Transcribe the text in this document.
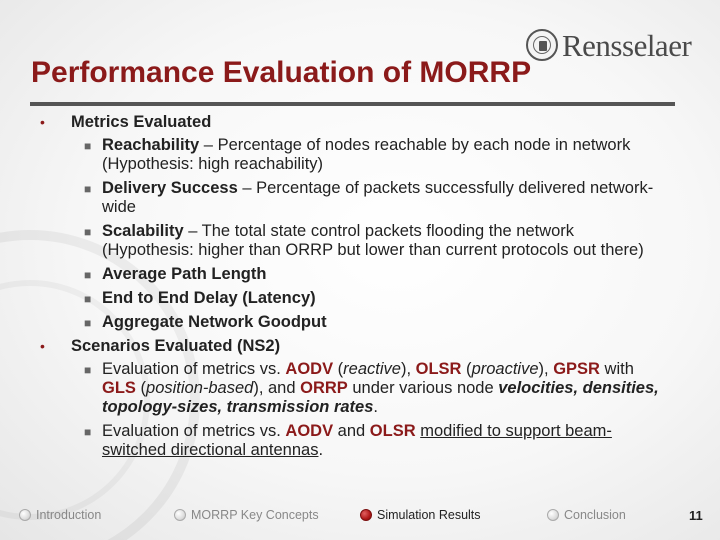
Rensselaer
Performance Evaluation of MORRP
• Metrics Evaluated
■ Reachability – Percentage of nodes reachable by each node in network (Hypothesis: high reachability)
■ Delivery Success – Percentage of packets successfully delivered network-wide
■ Scalability – The total state control packets flooding the network (Hypothesis: higher than ORRP but lower than current protocols out there)
■ Average Path Length
■ End to End Delay (Latency)
■ Aggregate Network Goodput
• Scenarios Evaluated (NS2)
■ Evaluation of metrics vs. AODV (reactive), OLSR (proactive), GPSR with GLS (position-based), and ORRP under various node velocities, densities, topology-sizes, transmission rates.
■ Evaluation of metrics vs. AODV and OLSR modified to support beam-switched directional antennas.
Introduction	MORRP Key Concepts	Simulation Results	Conclusion	11
